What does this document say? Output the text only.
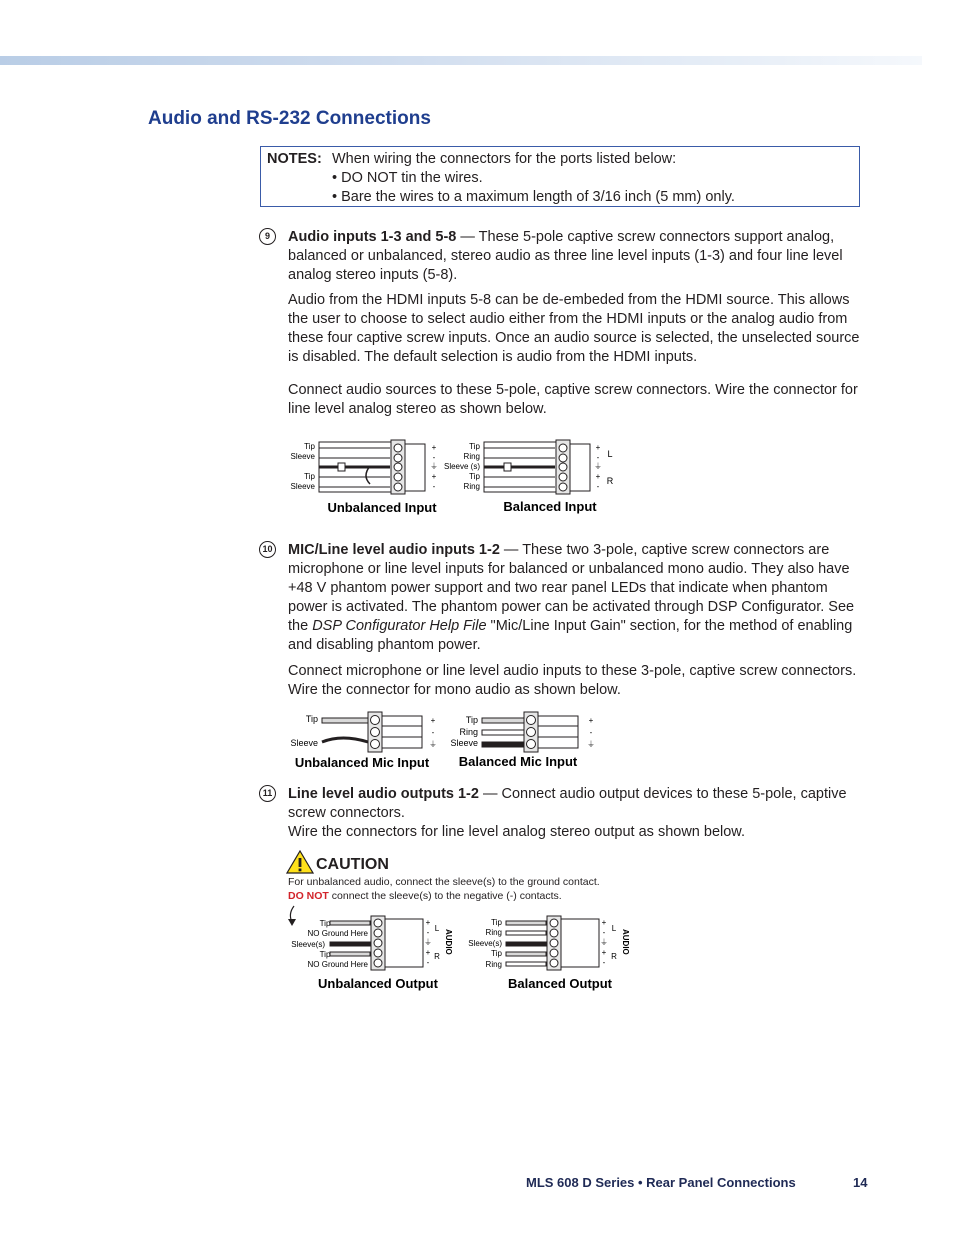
Audio and RS-232 Connections
NOTES: When wiring the connectors for the ports listed below:
• DO NOT tin the wires.
• Bare the wires to a maximum length of 3/16 inch (5 mm) only.
9	Audio inputs 1-3 and 5-8 — These 5-pole captive screw connectors support analog, balanced or unbalanced, stereo audio as three line level inputs (1-3) and four line level analog stereo inputs (5-8).

Audio from the HDMI inputs 5-8 can be de-embeded from the HDMI source. This allows the user to choose to select audio either from the HDMI inputs or the analog audio from these four captive screw inputs. Once an audio source is selected, the unselected source is disabled. The default selection is audio from the HDMI inputs.

Connect audio sources to these 5-pole, captive screw connectors. Wire the connector for line level analog stereo as shown below.

Tip
Sleeve
Tip
Sleeve
+
-
⏚
+
-
Unbalanced Input
Tip
Ring
Sleeve (s)
Tip
Ring
+
-
⏚
+
-
L
R
Balanced Input
10 MIC/Line level audio inputs 1-2 — These two 3-pole, captive screw connectors are microphone or line level inputs for balanced or unbalanced mono audio. They also have +48 V phantom power support and two rear panel LEDs that indicate when phantom power is activated. The phantom power can be activated through DSP Configurator. See the DSP Configurator Help File "Mic/Line Input Gain" section, for the method of enabling and disabling phantom power.

Connect microphone or line level audio inputs to these 3-pole, captive screw connectors. Wire the connector for mono audio as shown below.

Tip
Sleeve
+
-
⏚
Unbalanced Mic Input
Tip
Ring
Sleeve
+
-
⏚
Balanced Mic Input
11 Line level audio outputs 1-2 — Connect audio output devices to these 5-pole, captive screw connectors.

Wire the connectors for line level analog stereo output as shown below.

CAUTION
For unbalanced audio, connect the sleeve(s) to the ground contact.
DO NOT connect the sleeve(s) to the negative (-) contacts.
Tip
NO Ground Here
Sleeve(s)
Tip
NO Ground Here
+
-
⏚
+
-
L
R
AUDIO
Unbalanced Output
Tip
Ring
Sleeve(s)
Tip
Ring
+
-
⏚
+
-
L
R
AUDIO
Balanced Output
MLS 608 D Series • Rear Panel Connections	14
